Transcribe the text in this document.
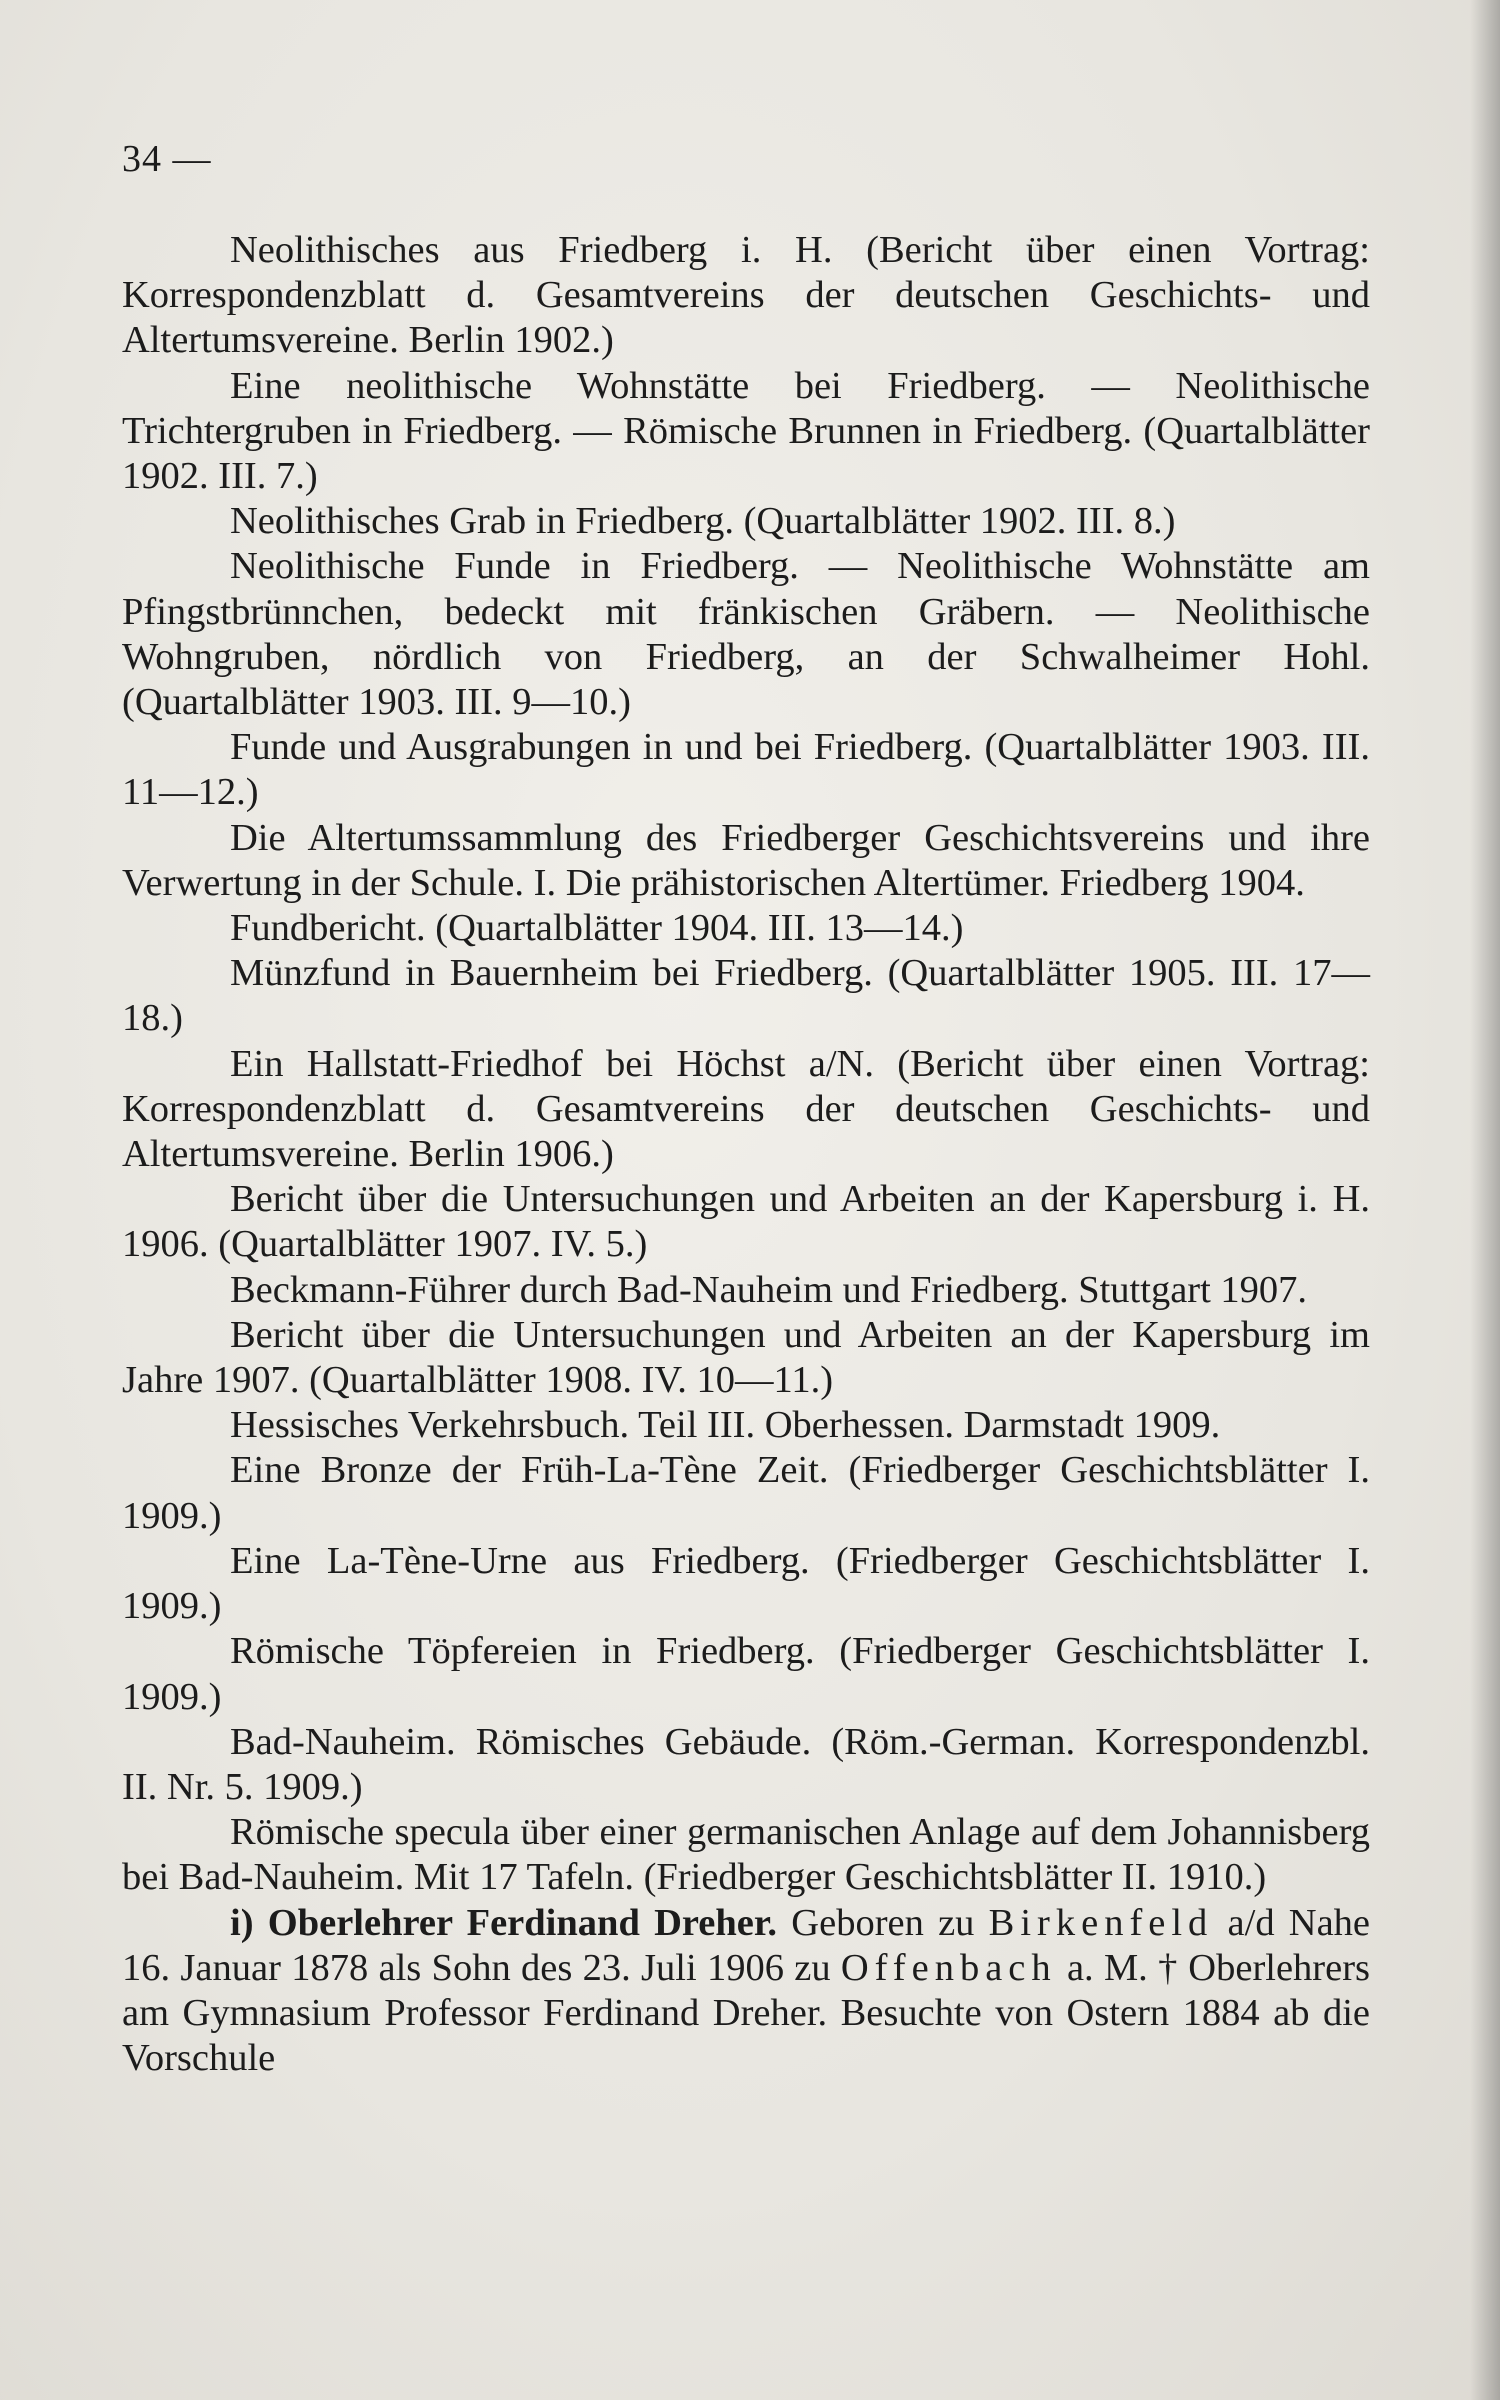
34 —

Neolithisches aus Friedberg i. H. (Bericht über einen Vortrag: Korrespondenzblatt d. Gesamtvereins der deutschen Geschichts- und Altertumsvereine. Berlin 1902.)

Eine neolithische Wohnstätte bei Friedberg. — Neolithische Trichtergruben in Friedberg. — Römische Brunnen in Friedberg. (Quartalblätter 1902. III. 7.)

Neolithisches Grab in Friedberg. (Quartalblätter 1902. III. 8.)

Neolithische Funde in Friedberg. — Neolithische Wohnstätte am Pfingstbrünnchen, bedeckt mit fränkischen Gräbern. — Neolithische Wohngruben, nördlich von Friedberg, an der Schwalheimer Hohl. (Quartalblätter 1903. III. 9—10.)

Funde und Ausgrabungen in und bei Friedberg. (Quartalblätter 1903. III. 11—12.)

Die Altertumssammlung des Friedberger Geschichtsvereins und ihre Verwertung in der Schule. I. Die prähistorischen Altertümer. Friedberg 1904.

Fundbericht. (Quartalblätter 1904. III. 13—14.)

Münzfund in Bauernheim bei Friedberg. (Quartalblätter 1905. III. 17—18.)

Ein Hallstatt-Friedhof bei Höchst a/N. (Bericht über einen Vortrag: Korrespondenzblatt d. Gesamtvereins der deutschen Geschichts- und Altertumsvereine. Berlin 1906.)

Bericht über die Untersuchungen und Arbeiten an der Kapersburg i. H. 1906. (Quartalblätter 1907. IV. 5.)

Beckmann-Führer durch Bad-Nauheim und Friedberg. Stuttgart 1907.

Bericht über die Untersuchungen und Arbeiten an der Kapersburg im Jahre 1907. (Quartalblätter 1908. IV. 10—11.)

Hessisches Verkehrsbuch. Teil III. Oberhessen. Darmstadt 1909.

Eine Bronze der Früh-La-Tène Zeit. (Friedberger Geschichtsblätter I. 1909.)

Eine La-Tène-Urne aus Friedberg. (Friedberger Geschichtsblätter I. 1909.)

Römische Töpfereien in Friedberg. (Friedberger Geschichtsblätter I. 1909.)

Bad-Nauheim. Römisches Gebäude. (Röm.-German. Korrespondenzbl. II. Nr. 5. 1909.)

Römische specula über einer germanischen Anlage auf dem Johannisberg bei Bad-Nauheim. Mit 17 Tafeln. (Friedberger Geschichtsblätter II. 1910.)

i) Oberlehrer Ferdinand Dreher. Geboren zu Birkenfeld a/d Nahe 16. Januar 1878 als Sohn des 23. Juli 1906 zu Offenbach a. M. † Oberlehrers am Gymnasium Professor Ferdinand Dreher. Besuchte von Ostern 1884 ab die Vorschule
